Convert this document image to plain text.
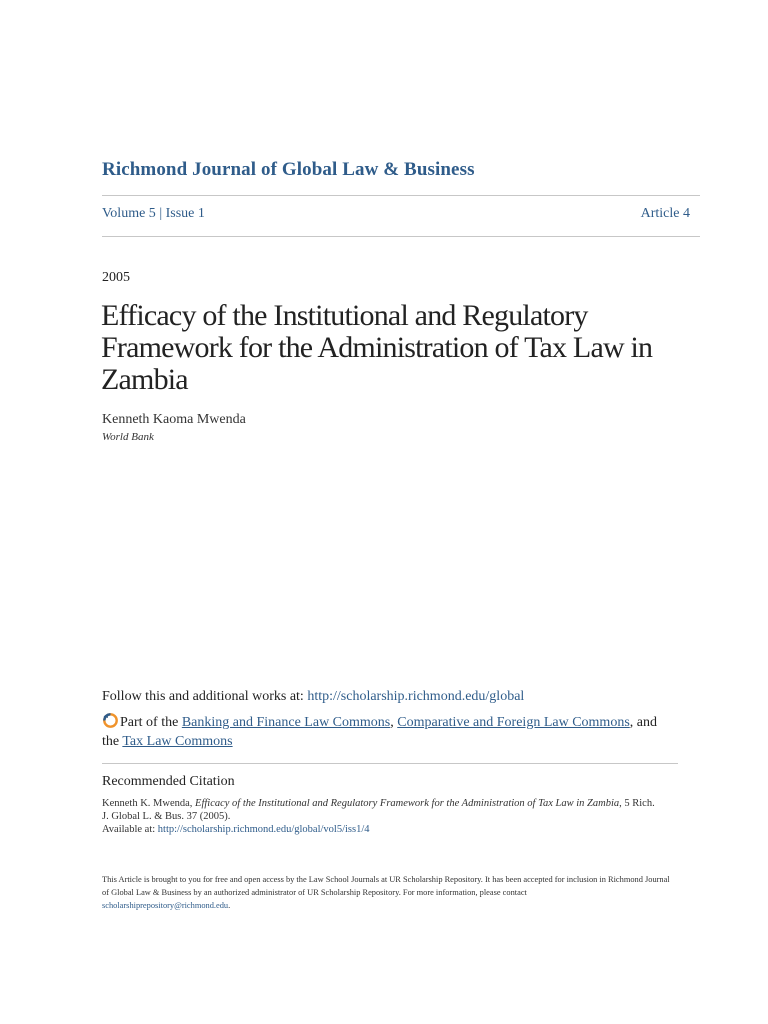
Richmond Journal of Global Law & Business
Volume 5 | Issue 1	Article 4
2005
Efficacy of the Institutional and Regulatory Framework for the Administration of Tax Law in Zambia
Kenneth Kaoma Mwenda
World Bank
Follow this and additional works at: http://scholarship.richmond.edu/global
Part of the Banking and Finance Law Commons, Comparative and Foreign Law Commons, and
the Tax Law Commons
Recommended Citation
Kenneth K. Mwenda, Efficacy of the Institutional and Regulatory Framework for the Administration of Tax Law in Zambia, 5 Rich. J. Global L. & Bus. 37 (2005).
Available at: http://scholarship.richmond.edu/global/vol5/iss1/4
This Article is brought to you for free and open access by the Law School Journals at UR Scholarship Repository. It has been accepted for inclusion in Richmond Journal of Global Law & Business by an authorized administrator of UR Scholarship Repository. For more information, please contact
scholarshiprepository@richmond.edu.
